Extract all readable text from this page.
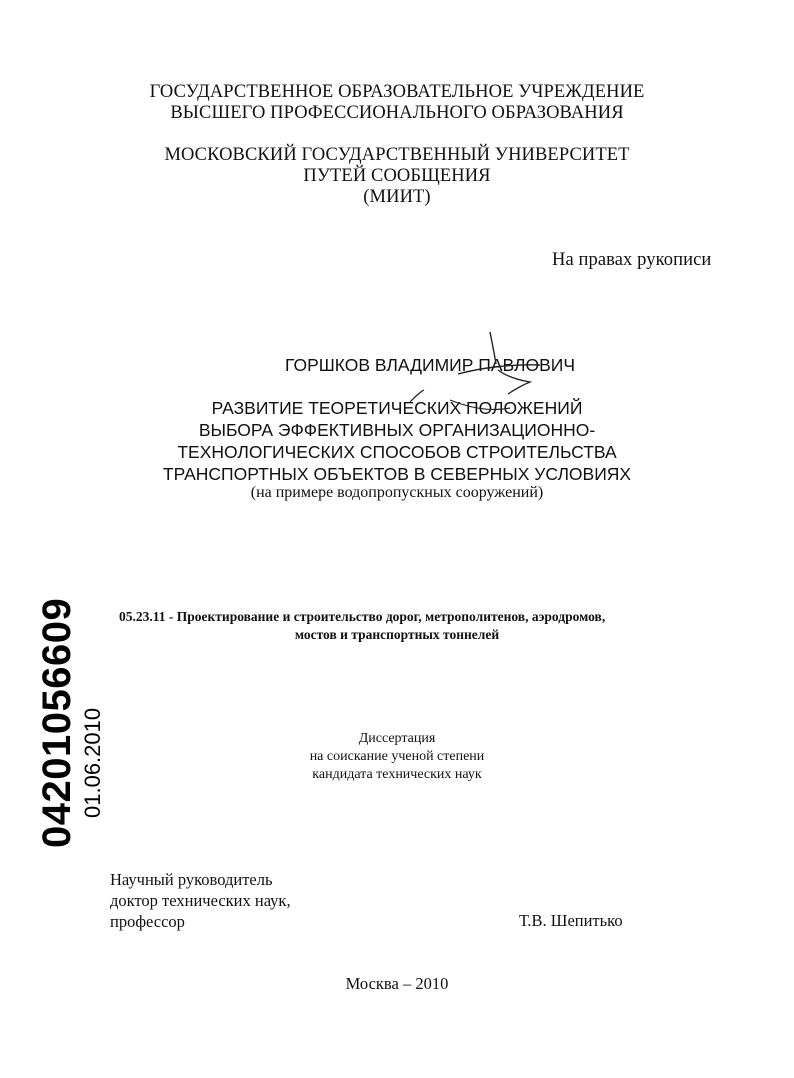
ГОСУДАРСТВЕННОЕ ОБРАЗОВАТЕЛЬНОЕ УЧРЕЖДЕНИЕ
ВЫСШЕГО ПРОФЕССИОНАЛЬНОГО ОБРАЗОВАНИЯ
МОСКОВСКИЙ ГОСУДАРСТВЕННЫЙ УНИВЕРСИТЕТ
ПУТЕЙ СООБЩЕНИЯ
(МИИТ)
На правах рукописи
ГОРШКОВ ВЛАДИМИР ПАВЛОВИЧ
РАЗВИТИЕ ТЕОРЕТИЧЕСКИХ ПОЛОЖЕНИЙ
ВЫБОРА ЭФФЕКТИВНЫХ ОРГАНИЗАЦИОННО-
ТЕХНОЛОГИЧЕСКИХ СПОСОБОВ СТРОИТЕЛЬСТВА
ТРАНСПОРТНЫХ ОБЪЕКТОВ В СЕВЕРНЫХ УСЛОВИЯХ
(на примере водопропускных сооружений)
05.23.11 - Проектирование и строительство дорог, метрополитенов, аэродромов,
мостов и транспортных тоннелей
Диссертация
на соискание ученой степени
кандидата технических наук
Научный руководитель
доктор технических наук,
профессор	Т.В. Шепитько
Москва – 2010
04201056609 01.06.2010
